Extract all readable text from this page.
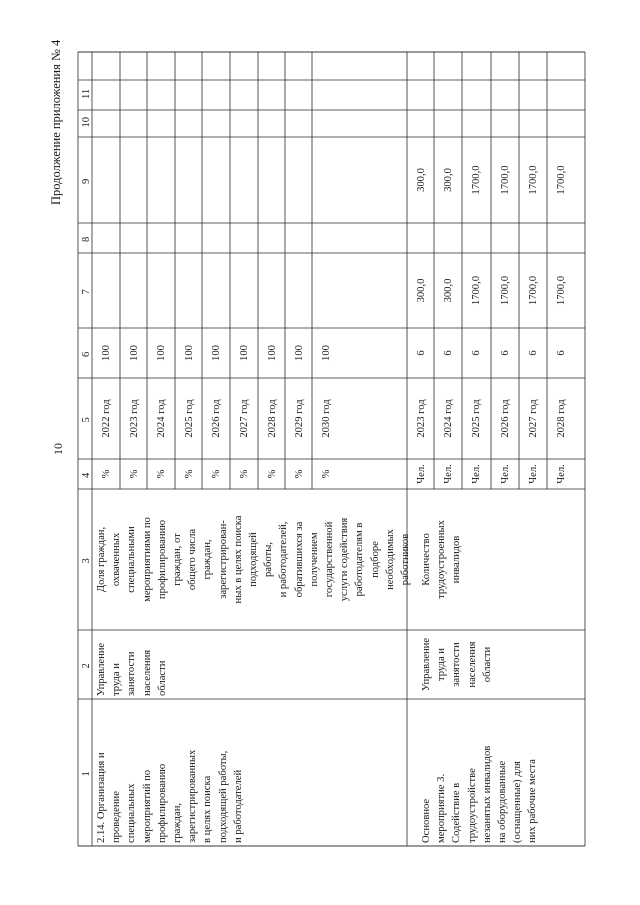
10
Продолжение приложения № 4
1
2
3
4
5
6
7
8
9
10
11
2.14. Организация и
проведение
специальных
мероприятий по
профилированию
граждан,
зарегистрированных
в целях поиска
подходящей работы,
и работодателей
Управление
труда и
занятости
населения
области
Доля граждан,
охваченных
специальными
мероприятиями по
профилированию
граждан, от
общего числа
граждан,
зарегистрирован-
ных в целях поиска
подходящей
работы,
и работодателей,
обратившихся за
получением
государственной
услуги содействия
работодателям в
подборе
необходимых
работников
%
2022 год
100
%
2023 год
100
%
2024 год
100
%
2025 год
100
%
2026 год
100
%
2027 год
100
%
2028 год
100
%
2029 год
100
%
2030 год
100
Основное
мероприятие 3.
Содействие в
трудоустройстве
незанятых инвалидов
на оборудованные
(оснащенные) для
них рабочие места
Управление
труда и
занятости
населения
области
Количество
трудоустроенных
инвалидов
Чел.
2023 год
6
300,0
300,0
Чел.
2024 год
6
300,0
300,0
Чел.
2025 год
6
1700,0
1700,0
Чел.
2026 год
6
1700,0
1700,0
Чел.
2027 год
6
1700,0
1700,0
Чел.
2028 год
6
1700,0
1700,0
